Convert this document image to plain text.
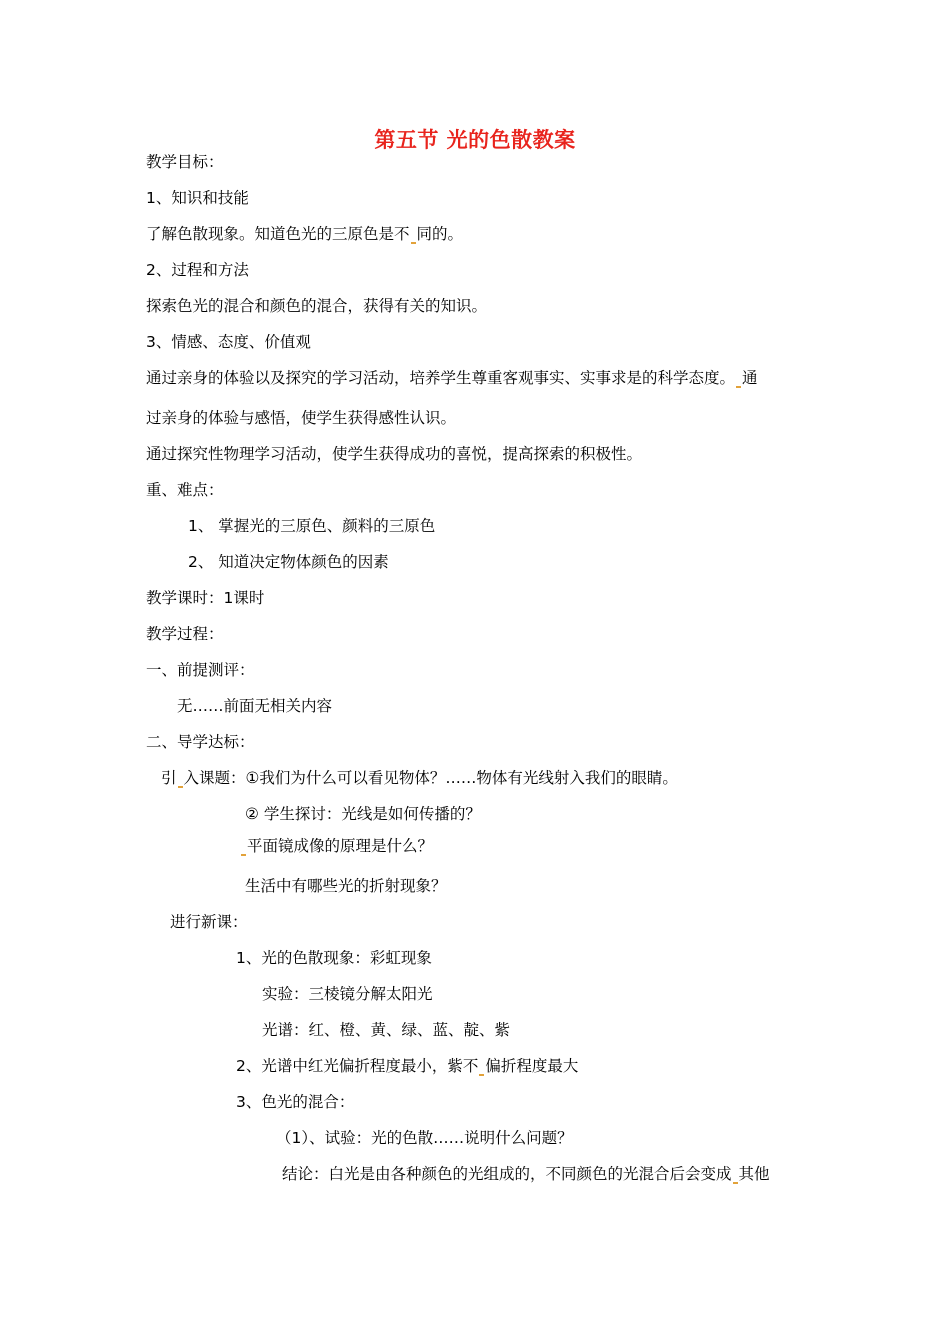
第五节 光的色散教案
教学目标：
1、知识和技能
了解色散现象。知道色光的三原色是不 同的。
2、过程和方法
探索色光的混合和颜色的混合，获得有关的知识。
3、情感、态度、价值观
通过亲身的体验以及探究的学习活动，培养学生尊重客观事实、实事求是的科学态度。 通
过亲身的体验与感悟，使学生获得感性认识。
通过探究性物理学习活动，使学生获得成功的喜悦，提高探索的积极性。
重、难点：
1、 掌握光的三原色、颜料的三原色
2、 知道决定物体颜色的因素
教学课时：1课时
教学过程：
一、前提测评：
无……前面无相关内容
二、导学达标：
引 入课题：①我们为什么可以看见物体？……物体有光线射入我们的眼睛。
② 学生探讨：光线是如何传播的？
平面镜成像的原理是什么？
生活中有哪些光的折射现象？
进行新课：
1、光的色散现象：彩虹现象
实验：三棱镜分解太阳光
光谱：红、橙、黄、绿、蓝、靛、紫
2、光谱中红光偏折程度最小，紫不 偏折程度最大
3、色光的混合：
（1）、试验：光的色散……说明什么问题？
结论：白光是由各种颜色的光组成的，不同颜色的光混合后会变成 其他
